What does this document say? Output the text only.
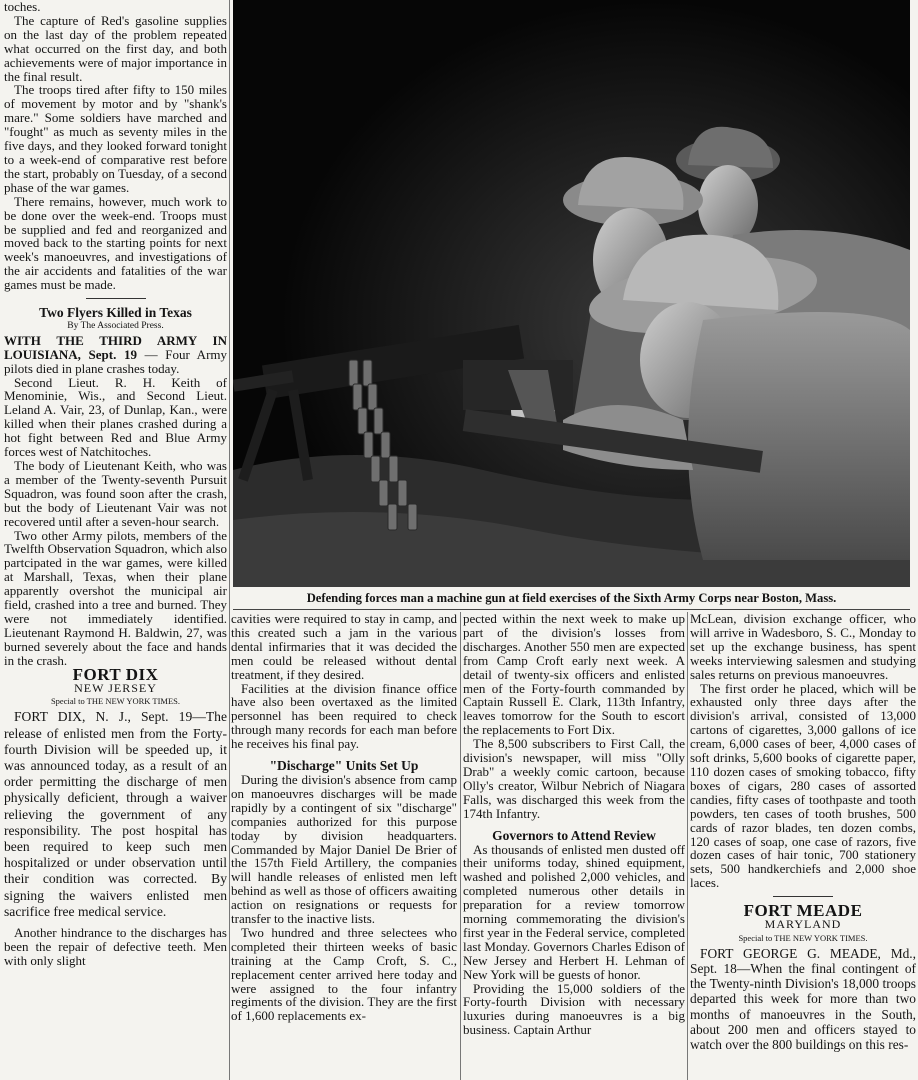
toches.

The capture of Red's gasoline supplies on the last day of the problem repeated what occurred on the first day, and both achievements were of major importance in the final result.

The troops tired after fifty to 150 miles of movement by motor and by "shank's mare." Some soldiers have marched and "fought" as much as seventy miles in the five days, and they looked forward tonight to a week-end of comparative rest before the start, probably on Tuesday, of a second phase of the war games.

There remains, however, much work to be done over the week-end. Troops must be supplied and fed and reorganized and moved back to the starting points for next week's manoeuvres, and investigations of the air accidents and fatalities of the war games must be made.

Two Flyers Killed in Texas

By The Associated Press.

WITH THE THIRD ARMY IN LOUISIANA, Sept. 19 — Four Army pilots died in plane crashes today.

Second Lieut. R. H. Keith of Menominie, Wis., and Second Lieut. Leland A. Vair, 23, of Dunlap, Kan., were killed when their planes crashed during a hot fight between Red and Blue Army forces west of Natchitoches.

The body of Lieutenant Keith, who was a member of the Twenty-seventh Pursuit Squadron, was found soon after the crash, but the body of Lieutenant Vair was not recovered until after a seven-hour search.

Two other Army pilots, members of the Twelfth Observation Squadron, which also partcipated in the war games, were killed at Marshall, Texas, when their plane apparently overshot the municipal air field, crashed into a tree and burned. They were not immediately identified. Lieutenant Raymond H. Baldwin, 27, was burned severely about the face and hands in the crash.

FORT DIX

NEW JERSEY

Special to THE NEW YORK TIMES.

FORT DIX, N. J., Sept. 19—The release of enlisted men from the Forty-fourth Division will be speeded up, it was announced today, as a result of an order permitting the discharge of men physically deficient, through a waiver relieving the government of any responsibility. The post hospital has been required to keep such men hospitalized or under observation until their condition was corrected. By signing the waivers enlisted men sacrifice free medical service.

Another hindrance to the discharges has been the repair of defective teeth. Men with only slight

Defending forces man a machine gun at field exercises of the Sixth Army Corps near Boston, Mass.

cavities were required to stay in camp, and this created such a jam in the various dental infirmaries that it was decided the men could be released without dental treatment, if they desired.

Facilities at the division finance office have also been overtaxed as the limited personnel has been required to check through many records for each man before he receives his final pay.

"Discharge" Units Set Up

During the division's absence from camp on manoeuvres discharges will be made rapidly by a contingent of six "discharge" companies authorized for this purpose today by division headquarters. Commanded by Major Daniel De Brier of the 157th Field Artillery, the companies will handle releases of enlisted men left behind as well as those of officers awaiting action on resignations or requests for transfer to the inactive lists.

Two hundred and three selectees who completed their thirteen weeks of basic training at the Camp Croft, S. C., replacement center arrived here today and were assigned to the four infantry regiments of the division. They are the first of 1,600 replacements ex-

pected within the next week to make up part of the division's losses from discharges. Another 550 men are expected from Camp Croft early next week. A detail of twenty-six officers and enlisted men of the Forty-fourth commanded by Captain Russell E. Clark, 113th Infantry, leaves tomorrow for the South to escort the replacements to Fort Dix.

The 8,500 subscribers to First Call, the division's newspaper, will miss "Olly Drab" a weekly comic cartoon, because Olly's creator, Wilbur Nebrich of Niagara Falls, was discharged this week from the 174th Infantry.

Governors to Attend Review

As thousands of enlisted men dusted off their uniforms today, shined equipment, washed and polished 2,000 vehicles, and completed numerous other details in preparation for a review tomorrow morning commemorating the division's first year in the Federal service, completed last Monday. Governors Charles Edison of New Jersey and Herbert H. Lehman of New York will be guests of honor.

Providing the 15,000 soldiers of the Forty-fourth Division with necessary luxuries during manoeuvres is a big business. Captain Arthur

McLean, division exchange officer, who will arrive in Wadesboro, S. C., Monday to set up the exchange business, has spent weeks interviewing salesmen and studying sales returns on previous manoeuvres.

The first order he placed, which will be exhausted only three days after the division's arrival, consisted of 13,000 cartons of cigarettes, 3,000 gallons of ice cream, 6,000 cases of beer, 4,000 cases of soft drinks, 5,600 books of cigarette paper, 110 dozen cases of smoking tobacco, fifty boxes of cigars, 280 cases of assorted candies, fifty cases of toothpaste and tooth powders, ten cases of tooth brushes, 500 cards of razor blades, ten dozen combs, 120 cases of soap, one case of razors, five dozen cases of hair tonic, 700 stationery sets, 500 handkerchiefs and 2,000 shoe laces.

FORT MEADE

MARYLAND

Special to THE NEW YORK TIMES.

FORT GEORGE G. MEADE, Md., Sept. 18—When the final contingent of the Twenty-ninth Division's 18,000 troops departed this week for more than two months of manoeuvres in the South, about 200 men and officers stayed to watch over the 800 buildings on this res-
